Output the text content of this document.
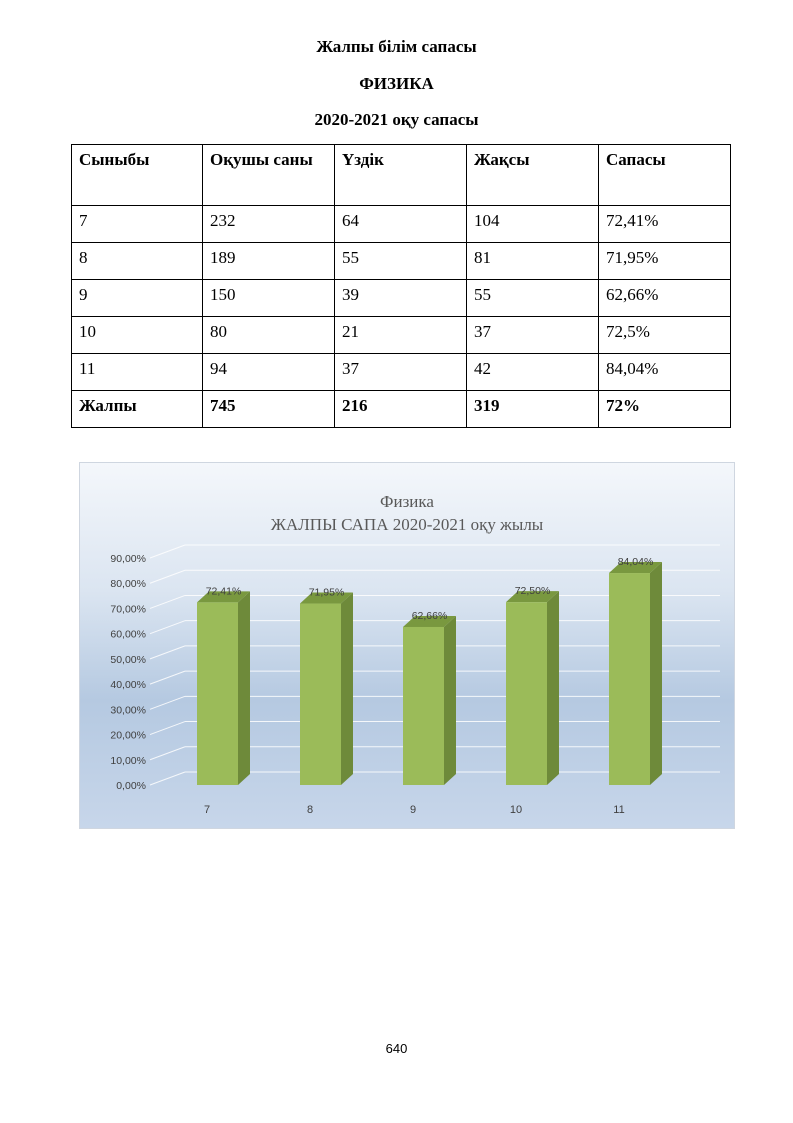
Жалпы білім сапасы
ФИЗИКА
2020-2021 оқу сапасы
Сыныбы	Оқушы саны	Үздік	Жақсы	Сапасы
7	232	64	104	72,41%
8	189	55	81	71,95%
9	150	39	55	62,66%
10	80	21	37	72,5%
11	94	37	42	84,04%
Жалпы	745	216	319	72%
Физика
ЖАЛПЫ САПА 2020-2021 оқу жылы
0,00%
10,00%
20,00%
30,00%
40,00%
50,00%
60,00%
70,00%
80,00%
90,00%
72,41%
7
71,95%
8
62,66%
9
72,50%
10
84,04%
11
640
